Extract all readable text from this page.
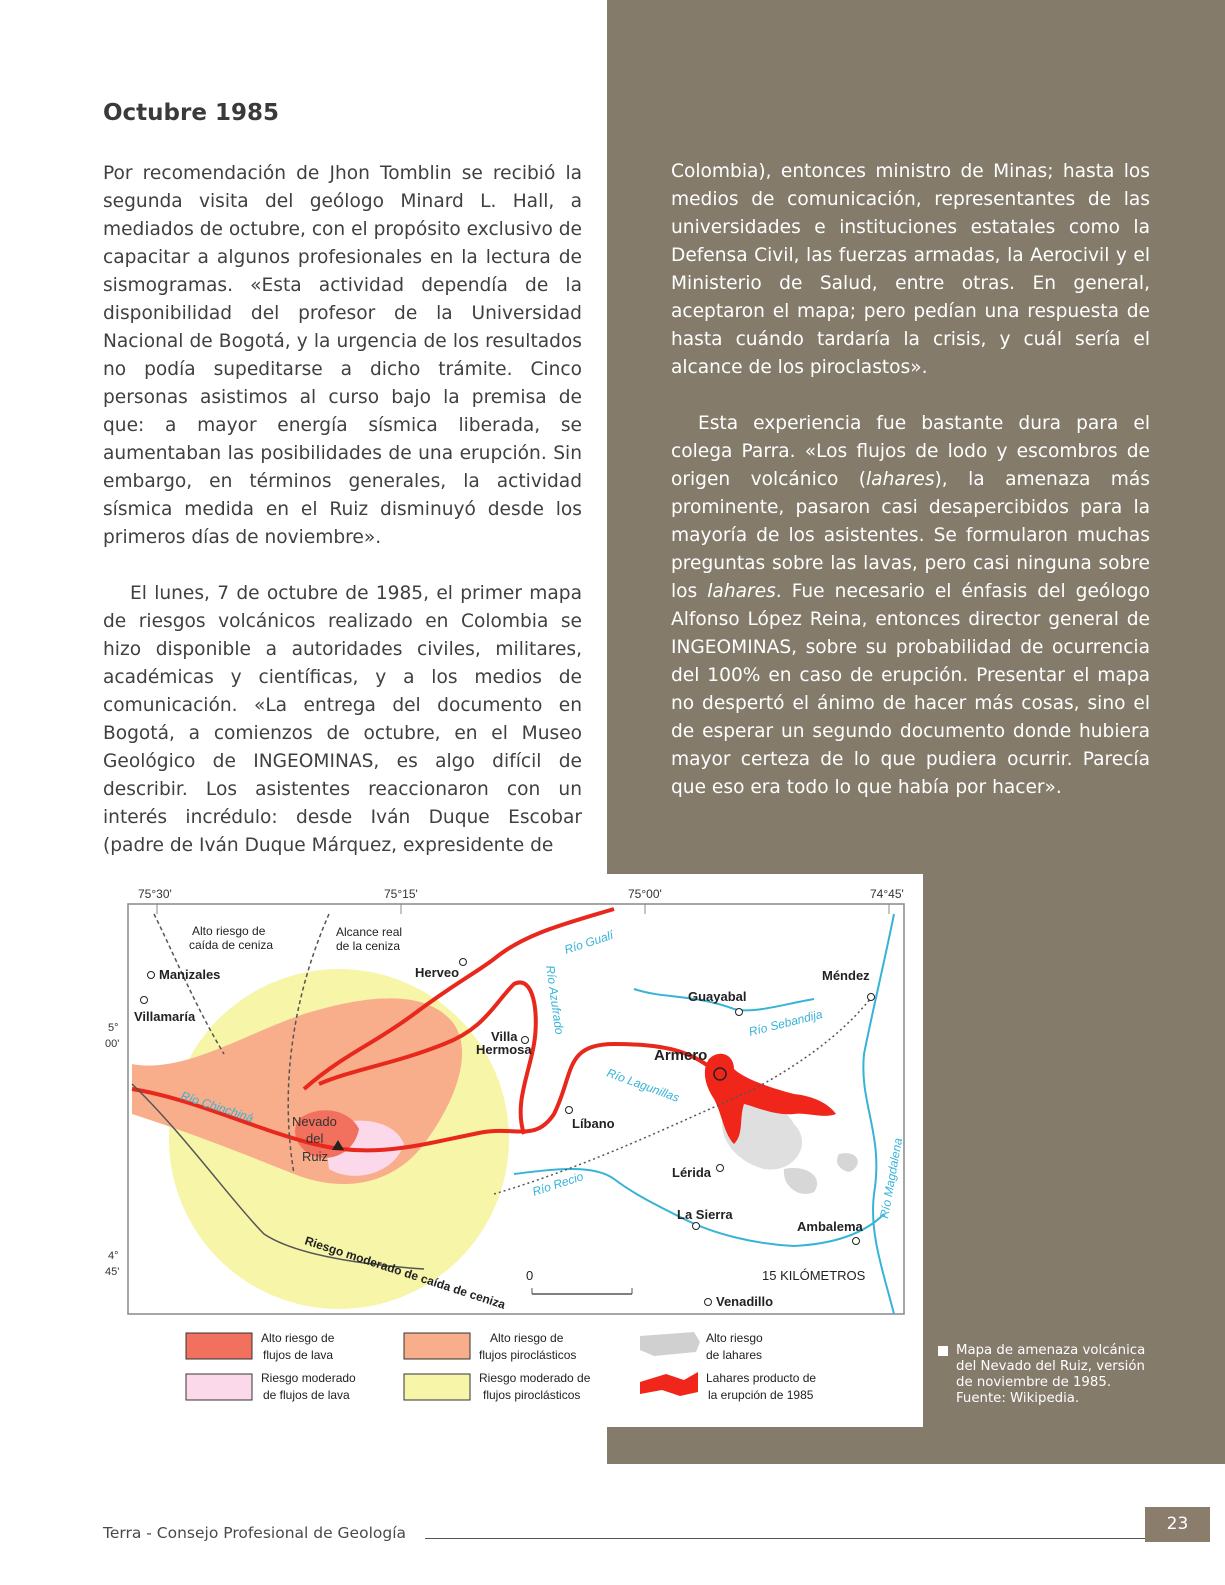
Octubre 1985

Por recomendación de Jhon Tomblin se recibió la segunda visita del geólogo Minard L. Hall, a mediados de octubre, con el propósito exclusivo de capacitar a algunos profesionales en la lectura de sismogramas. «Esta actividad dependía de la disponibilidad del profesor de la Universidad Nacional de Bogotá, y la urgencia de los resultados no podía supeditarse a dicho trámite. Cinco personas asistimos al curso bajo la premisa de que: a mayor energía sísmica liberada, se aumentaban las posibilidades de una erupción. Sin embargo, en términos generales, la actividad sísmica medida en el Ruiz disminuyó desde los primeros días de noviembre».

El lunes, 7 de octubre de 1985, el primer mapa de riesgos volcánicos realizado en Colombia se hizo disponible a autoridades civiles, militares, académicas y científicas, y a los medios de comunicación. «La entrega del documento en Bogotá, a comienzos de octubre, en el Museo Geológico de INGEOMINAS, es algo difícil de describir. Los asistentes reaccionaron con un interés incrédulo: desde Iván Duque Escobar (padre de Iván Duque Márquez, expresidente de

Colombia), entonces ministro de Minas; hasta los medios de comunicación, representantes de las universidades e instituciones estatales como la Defensa Civil, las fuerzas armadas, la Aerocivil y el Ministerio de Salud, entre otras. En general, aceptaron el mapa; pero pedían una respuesta de hasta cuándo tardaría la crisis, y cuál sería el alcance de los piroclastos».

Esta experiencia fue bastante dura para el colega Parra. «Los flujos de lodo y escombros de origen volcánico (lahares), la amenaza más prominente, pasaron casi desapercibidos para la mayoría de los asistentes. Se formularon muchas preguntas sobre las lavas, pero casi ninguna sobre los lahares. Fue necesario el énfasis del geólogo Alfonso López Reina, entonces director general de INGEOMINAS, sobre su probabilidad de ocurrencia del 100% en caso de erupción. Presentar el mapa no despertó el ánimo de hacer más cosas, sino el de esperar un segundo documento donde hubiera mayor certeza de lo que pudiera ocurrir. Parecía que eso era todo lo que había por hacer».

75°30'	75°15'	75°00'	74°45'
5°
00'
4°
45'
Alto riesgo de
caída de ceniza
Alcance real
de la ceniza
15 KILÓMETROS
0
Riesgo moderado de caída de ceniza
Manizales
Villamaría
Herveo
Villa
Hermosa	Armero
Guayabal
Méndez
Líbano
Lérida
La Sierra
Ambalema
Venadillo
Nevado
del
Ruiz
Río Gualí
Río Azufrado	Río Sebandija
Río Lagunillas
Río Recio	Río Magdalena
Río Chinchiná
Alto riesgo de
flujos de lava
Riesgo moderado
de flujos de lava
Alto riesgo de
flujos piroclásticos
Riesgo moderado de
flujos piroclásticos
Alto riesgo
de lahares
Lahares producto de
la erupción de 1985
Mapa de amenaza volcánica del Nevado del Ruiz, versión de noviembre de 1985. Fuente: Wikipedia.
Terra - Consejo Profesional de Geología	23
